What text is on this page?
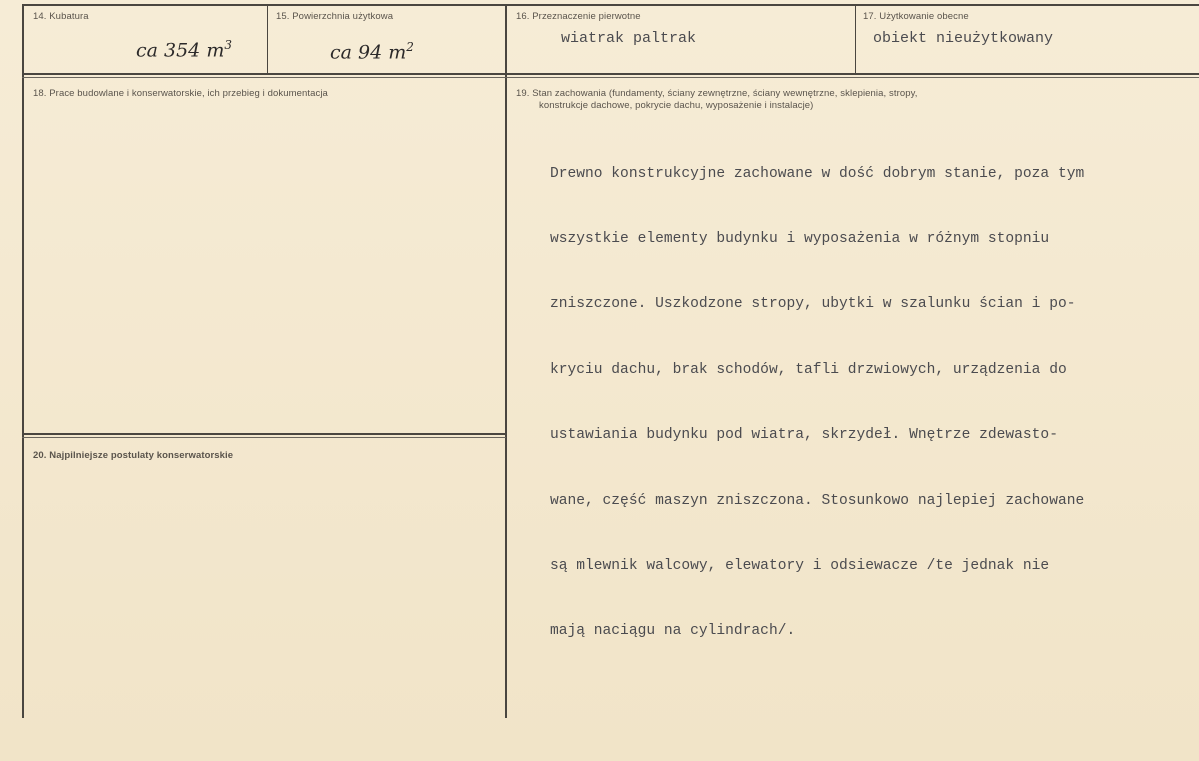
14. Kubatura
ca 354 $m^3$
15. Powierzchnia użytkowa
ca 94 $m^2$
16. Przeznaczenie pierwotne
wiatrak paltrak
17. Użytkowanie obecne
obiekt nieużytkowany
18. Prace budowlane i konserwatorskie, ich przebieg i dokumentacja	19. Stan zachowania (fundamenty, ściany zewnętrzne, ściany wewnętrzne, sklepienia, stropy,
konstrukcje dachowe, pokrycie dachu, wyposażenie i instalacje)

Drewno konstrukcyjne zachowane w dość dobrym stanie, poza tym

wszystkie elementy budynku i wyposażenia w różnym stopniu

zniszczone. Uszkodzone stropy, ubytki w szalunku ścian i po-

kryciu dachu, brak schodów, tafli drzwiowych, urządzenia do

ustawiania budynku pod wiatra, skrzydeł. Wnętrze zdewasto-

wane, część maszyn zniszczona. Stosunkowo najlepiej zachowane

są mlewnik walcowy, elewatory i odsiewacze /te jednak nie

mają naciągu na cylindrach/.

20. Najpilniejsze postulaty konserwatorskie
